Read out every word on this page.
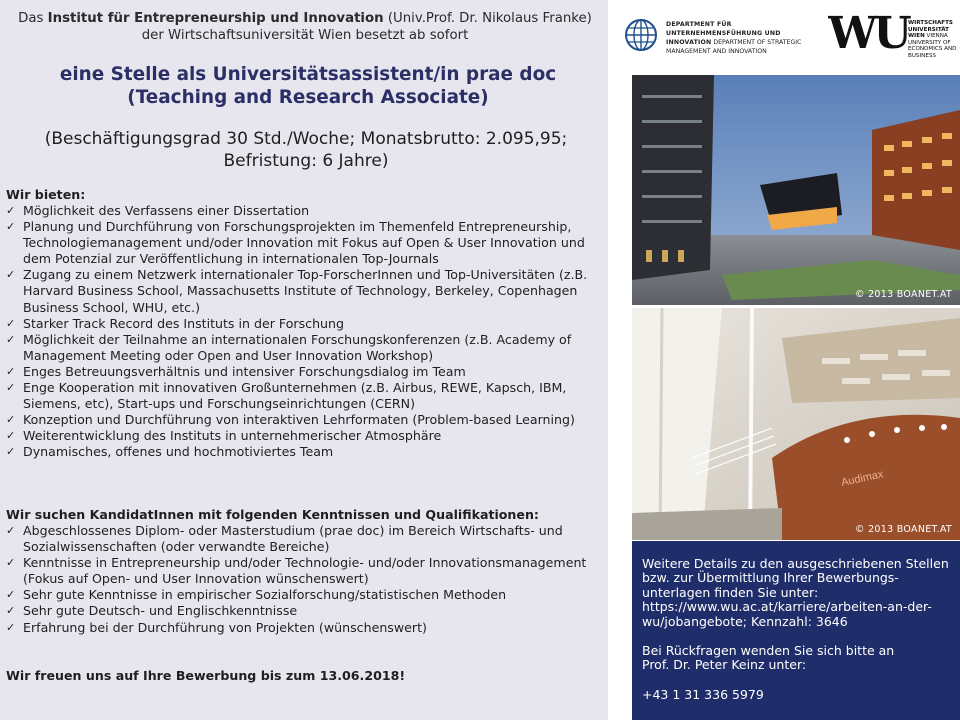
Das Institut für Entrepreneurship und Innovation (Univ.Prof. Dr. Nikolaus Franke) der Wirtschaftsuniversität Wien besetzt ab sofort

eine Stelle als Universitätsassistent/in prae doc
(Teaching and Research Associate)

(Beschäftigungsgrad 30 Std./Woche; Monatsbrutto: 2.095,95;
Befristung: 6 Jahre)

Wir bieten:
✓ Möglichkeit des Verfassens einer Dissertation
✓ Planung und Durchführung von Forschungsprojekten im Themenfeld Entrepreneurship, Technologiemanagement und/oder Innovation mit Fokus auf Open & User Innovation und dem Potenzial zur Veröffentlichung in internationalen Top-Journals
✓ Zugang zu einem Netzwerk internationaler Top-ForscherInnen und Top-Universitäten (z.B. Harvard Business School, Massachusetts Institute of Technology, Berkeley, Copenhagen Business School, WHU, etc.)
✓ Starker Track Record des Instituts in der Forschung
✓ Möglichkeit der Teilnahme an internationalen Forschungskonferenzen (z.B. Academy of Management Meeting oder Open and User Innovation Workshop)
✓ Enges Betreuungsverhältnis und intensiver Forschungsdialog im Team
✓ Enge Kooperation mit innovativen Großunternehmen (z.B. Airbus, REWE, Kapsch, IBM, Siemens, etc), Start-ups und Forschungseinrichtungen (CERN)
✓ Konzeption und Durchführung von interaktiven Lehrformaten (Problem-based Learning)
✓ Weiterentwicklung des Instituts in unternehmerischer Atmosphäre
✓ Dynamisches, offenes und hochmotiviertes Team
Wir suchen KandidatInnen mit folgenden Kenntnissen und Qualifikationen:
✓ Abgeschlossenes Diplom- oder Masterstudium (prae doc) im Bereich Wirtschafts- und Sozialwissenschaften (oder verwandte Bereiche)
✓ Kenntnisse in Entrepreneurship und/oder Technologie- und/oder Innovationsmanagement (Fokus auf Open- und User Innovation wünschenswert)
✓ Sehr gute Kenntnisse in empirischer Sozialforschung/statistischen Methoden
✓ Sehr gute Deutsch- und Englischkenntnisse
✓ Erfahrung bei der Durchführung von Projekten (wünschenswert)

Wir freuen uns auf Ihre Bewerbung bis zum 13.06.2018!

DEPARTMENT FÜR
UNTERNEHMENSFÜHRUNG UND
INNOVATION DEPARTMENT OF STRATEGIC MANAGEMENT AND INNOVATION	WU WIRTSCHAFTS
UNIVERSITÄT
WIEN VIENNA UNIVERSITY OF ECONOMICS AND BUSINESS
© 2013 BOANET.AT
Audimax
© 2013 BOANET.AT

Weitere Details zu den ausgeschriebenen Stellen
bzw. zur Übermittlung Ihrer Bewerbungs-
unterlagen finden Sie unter:
https://www.wu.ac.at/karriere/arbeiten-an-der-
wu/jobangebote; Kennzahl: 3646

Bei Rückfragen wenden Sie sich bitte an
Prof. Dr. Peter Keinz unter:

+43 1 31 336 5979
